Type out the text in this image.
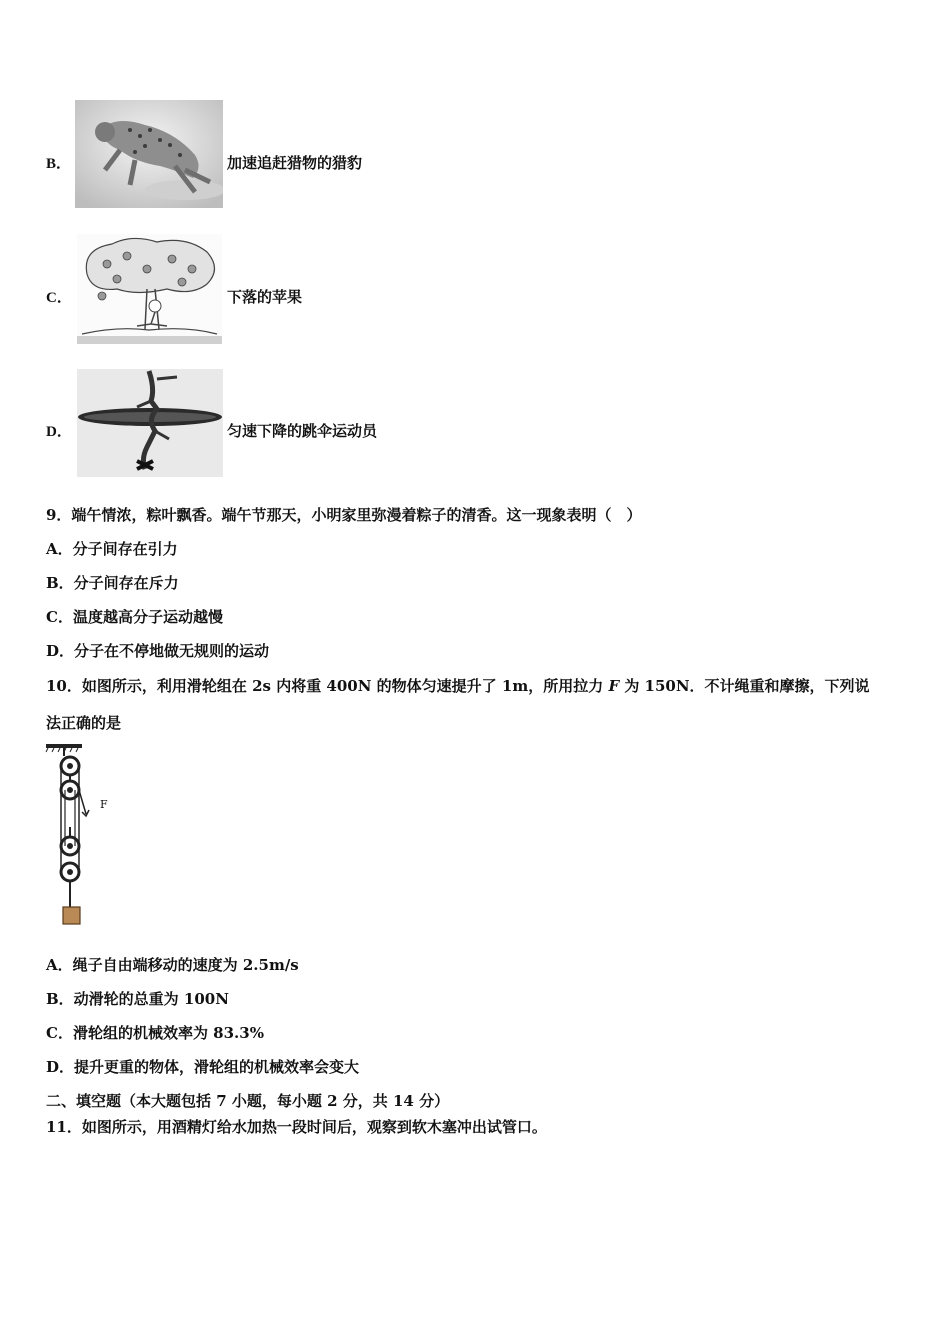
B．	加速追赶猎物的猎豹
C．	下落的苹果
D．	匀速下降的跳伞运动员
9．端午情浓，粽叶飘香。端午节那天，小明家里弥漫着粽子的清香。这一现象表明（　）
A．分子间存在引力
B．分子间存在斥力
C．温度越高分子运动越慢
D．分子在不停地做无规则的运动
10．如图所示，利用滑轮组在 2s 内将重 400N 的物体匀速提升了 1m，所用拉力 F 为 150N．不计绳重和摩擦，下列说
法正确的是
F
A．绳子自由端移动的速度为 2.5m/s
B．动滑轮的总重为 100N
C．滑轮组的机械效率为 83.3%
D．提升更重的物体，滑轮组的机械效率会变大
二、填空题（本大题包括 7 小题，每小题 2 分，共 14 分）
11．如图所示，用酒精灯给水加热一段时间后，观察到软木塞冲出试管口。
